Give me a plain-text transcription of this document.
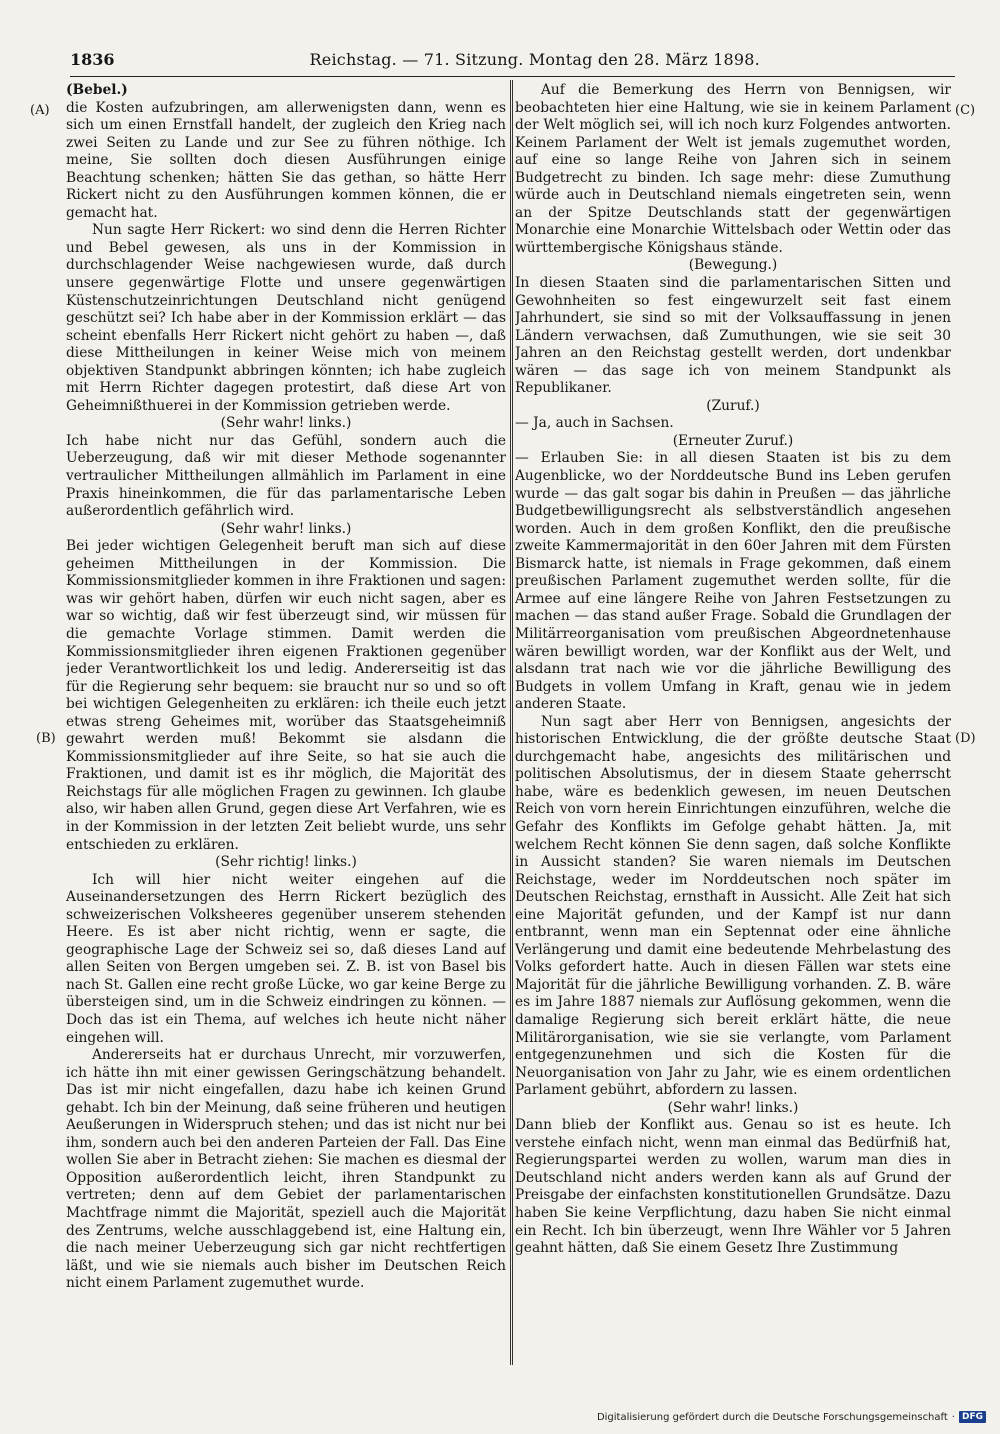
1836	Reichstag. — 71. Sitzung. Montag den 28. März 1898.
(A)
(B)
(C)
(D)

(Bebel.)

die Kosten aufzubringen, am allerwenigsten dann, wenn es sich um einen Ernstfall handelt, der zugleich den Krieg nach zwei Seiten zu Lande und zur See zu führen nöthige. Ich meine, Sie sollten doch diesen Ausführungen einige Beachtung schenken; hätten Sie das gethan, so hätte Herr Rickert nicht zu den Ausführungen kommen können, die er gemacht hat.

Nun sagte Herr Rickert: wo sind denn die Herren Richter und Bebel gewesen, als uns in der Kommission in durchschlagender Weise nachgewiesen wurde, daß durch unsere gegenwärtige Flotte und unsere gegenwärtigen Küstenschutzeinrichtungen Deutschland nicht genügend geschützt sei? Ich habe aber in der Kommission erklärt — das scheint ebenfalls Herr Rickert nicht gehört zu haben —, daß diese Mittheilungen in keiner Weise mich von meinem objektiven Standpunkt abbringen könnten; ich habe zugleich mit Herrn Richter dagegen protestirt, daß diese Art von Geheimnißthuerei in der Kommission getrieben werde.

(Sehr wahr! links.)

Ich habe nicht nur das Gefühl, sondern auch die Ueberzeugung, daß wir mit dieser Methode sogenannter vertraulicher Mittheilungen allmählich im Parlament in eine Praxis hineinkommen, die für das parlamentarische Leben außerordentlich gefährlich wird.

(Sehr wahr! links.)

Bei jeder wichtigen Gelegenheit beruft man sich auf diese geheimen Mittheilungen in der Kommission. Die Kommissionsmitglieder kommen in ihre Fraktionen und sagen: was wir gehört haben, dürfen wir euch nicht sagen, aber es war so wichtig, daß wir fest überzeugt sind, wir müssen für die gemachte Vorlage stimmen. Damit werden die Kommissionsmitglieder ihren eigenen Fraktionen gegenüber jeder Verantwortlichkeit los und ledig. Andererseitig ist das für die Regierung sehr bequem: sie braucht nur so und so oft bei wichtigen Gelegenheiten zu erklären: ich theile euch jetzt etwas streng Geheimes mit, worüber das Staatsgeheimniß gewahrt werden muß! Bekommt sie alsdann die Kommissionsmitglieder auf ihre Seite, so hat sie auch die Fraktionen, und damit ist es ihr möglich, die Majorität des Reichstags für alle möglichen Fragen zu gewinnen. Ich glaube also, wir haben allen Grund, gegen diese Art Verfahren, wie es in der Kommission in der letzten Zeit beliebt wurde, uns sehr entschieden zu erklären.

(Sehr richtig! links.)

Ich will hier nicht weiter eingehen auf die Auseinandersetzungen des Herrn Rickert bezüglich des schweizerischen Volksheeres gegenüber unserem stehenden Heere. Es ist aber nicht richtig, wenn er sagte, die geographische Lage der Schweiz sei so, daß dieses Land auf allen Seiten von Bergen umgeben sei. Z. B. ist von Basel bis nach St. Gallen eine recht große Lücke, wo gar keine Berge zu übersteigen sind, um in die Schweiz eindringen zu können. — Doch das ist ein Thema, auf welches ich heute nicht näher eingehen will.

Andererseits hat er durchaus Unrecht, mir vorzuwerfen, ich hätte ihn mit einer gewissen Geringschätzung behandelt. Das ist mir nicht eingefallen, dazu habe ich keinen Grund gehabt. Ich bin der Meinung, daß seine früheren und heutigen Aeußerungen in Widerspruch stehen; und das ist nicht nur bei ihm, sondern auch bei den anderen Parteien der Fall. Das Eine wollen Sie aber in Betracht ziehen: Sie machen es diesmal der Opposition außerordentlich leicht, ihren Standpunkt zu vertreten; denn auf dem Gebiet der parlamentarischen Machtfrage nimmt die Majorität, speziell auch die Majorität des Zentrums, welche ausschlaggebend ist, eine Haltung ein, die nach meiner Ueberzeugung sich gar nicht rechtfertigen läßt, und wie sie niemals auch bisher im Deutschen Reich nicht einem Parlament zugemuthet wurde.

Auf die Bemerkung des Herrn von Bennigsen, wir beobachteten hier eine Haltung, wie sie in keinem Parlament der Welt möglich sei, will ich noch kurz Folgendes antworten. Keinem Parlament der Welt ist jemals zugemuthet worden, auf eine so lange Reihe von Jahren sich in seinem Budgetrecht zu binden. Ich sage mehr: diese Zumuthung würde auch in Deutschland niemals eingetreten sein, wenn an der Spitze Deutschlands statt der gegenwärtigen Monarchie eine Monarchie Wittelsbach oder Wettin oder das württembergische Königshaus stände.

(Bewegung.)

In diesen Staaten sind die parlamentarischen Sitten und Gewohnheiten so fest eingewurzelt seit fast einem Jahrhundert, sie sind so mit der Volksauffassung in jenen Ländern verwachsen, daß Zumuthungen, wie sie seit 30 Jahren an den Reichstag gestellt werden, dort undenkbar wären — das sage ich von meinem Standpunkt als Republikaner.

(Zuruf.)

— Ja, auch in Sachsen.

(Erneuter Zuruf.)

— Erlauben Sie: in all diesen Staaten ist bis zu dem Augenblicke, wo der Norddeutsche Bund ins Leben gerufen wurde — das galt sogar bis dahin in Preußen — das jährliche Budgetbewilligungsrecht als selbstverständlich angesehen worden. Auch in dem großen Konflikt, den die preußische zweite Kammermajorität in den 60er Jahren mit dem Fürsten Bismarck hatte, ist niemals in Frage gekommen, daß einem preußischen Parlament zugemuthet werden sollte, für die Armee auf eine längere Reihe von Jahren Festsetzungen zu machen — das stand außer Frage. Sobald die Grundlagen der Militärreorganisation vom preußischen Abgeordnetenhause wären bewilligt worden, war der Konflikt aus der Welt, und alsdann trat nach wie vor die jährliche Bewilligung des Budgets in vollem Umfang in Kraft, genau wie in jedem anderen Staate.

Nun sagt aber Herr von Bennigsen, angesichts der historischen Entwicklung, die der größte deutsche Staat durchgemacht habe, angesichts des militärischen und politischen Absolutismus, der in diesem Staate geherrscht habe, wäre es bedenklich gewesen, im neuen Deutschen Reich von vorn herein Einrichtungen einzuführen, welche die Gefahr des Konflikts im Gefolge gehabt hätten. Ja, mit welchem Recht können Sie denn sagen, daß solche Konflikte in Aussicht standen? Sie waren niemals im Deutschen Reichstage, weder im Norddeutschen noch später im Deutschen Reichstag, ernsthaft in Aussicht. Alle Zeit hat sich eine Majorität gefunden, und der Kampf ist nur dann entbrannt, wenn man ein Septennat oder eine ähnliche Verlängerung und damit eine bedeutende Mehrbelastung des Volks gefordert hatte. Auch in diesen Fällen war stets eine Majorität für die jährliche Bewilligung vorhanden. Z. B. wäre es im Jahre 1887 niemals zur Auflösung gekommen, wenn die damalige Regierung sich bereit erklärt hätte, die neue Militärorganisation, wie sie sie verlangte, vom Parlament entgegenzunehmen und sich die Kosten für die Neuorganisation von Jahr zu Jahr, wie es einem ordentlichen Parlament gebührt, abfordern zu lassen.

(Sehr wahr! links.)

Dann blieb der Konflikt aus. Genau so ist es heute. Ich verstehe einfach nicht, wenn man einmal das Bedürfniß hat, Regierungspartei werden zu wollen, warum man dies in Deutschland nicht anders werden kann als auf Grund der Preisgabe der einfachsten konstitutionellen Grundsätze. Dazu haben Sie keine Verpflichtung, dazu haben Sie nicht einmal ein Recht. Ich bin überzeugt, wenn Ihre Wähler vor 5 Jahren geahnt hätten, daß Sie einem Gesetz Ihre Zustimmung

Digitalisierung gefördert durch die Deutsche Forschungsgemeinschaft · DFG
